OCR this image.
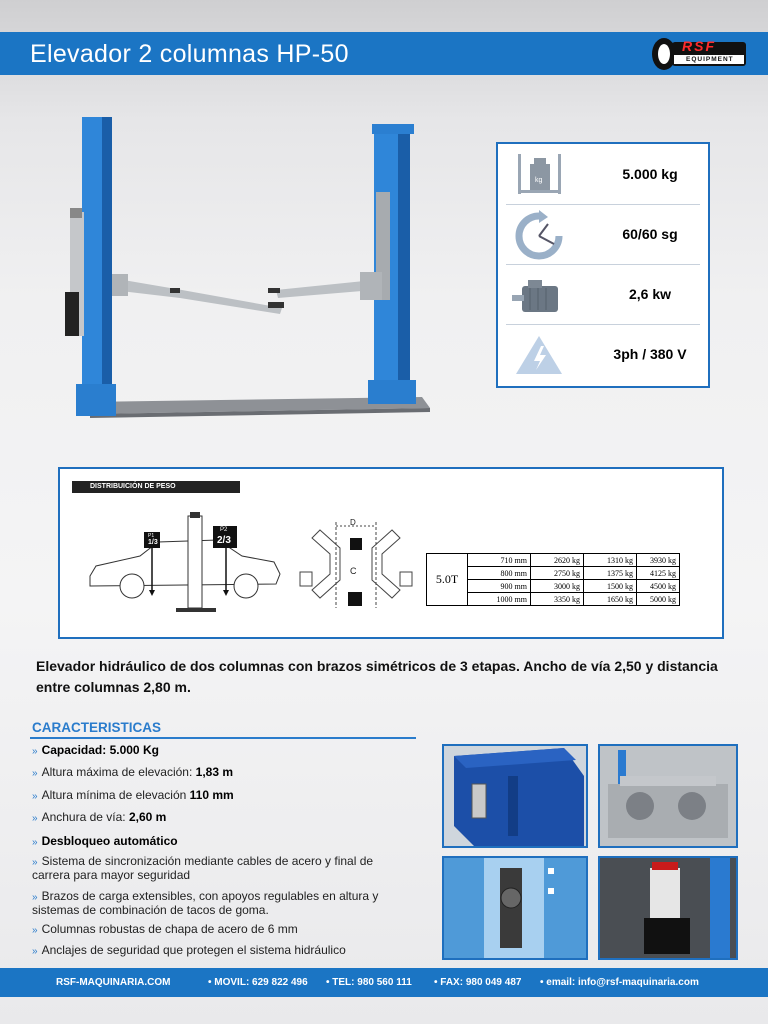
Elevador 2 columnas HP-50	RSF
EQUIPMENT
kg	5.000 kg
60/60 sg
2,6 kw
3ph / 380 V
DISTRIBUICIÓN DE PESO
P1
1/3
P2
2/3
D
C
5.0T	710 mm	2620 kg	1310 kg	3930 kg
	800 mm	2750 kg	1375 kg	4125 kg
	900 mm	3000 kg	1500 kg	4500 kg
	1000 mm	3350 kg	1650 kg	5000 kg
Elevador hidráulico de dos columnas con brazos simétricos de 3 etapas. Ancho de vía 2,50 y distancia entre columnas 2,80 m.
CARACTERISTICAS
» Capacidad: 5.000 Kg
» Altura máxima de elevación: 1,83 m
» Altura mínima de elevación 110 mm
» Anchura de vía: 2,60 m
» Desbloqueo automático
» Sistema de sincronización mediante cables de acero y final de carrera para mayor seguridad
» Brazos de carga extensibles, con apoyos regulables en altura y sistemas de combinación de tacos de goma.
» Columnas robustas de chapa de acero de 6 mm
» Anclajes de seguridad que protegen el sistema hidráulico
RSF-MAQUINARIA.COM	• MOVIL: 629 822 496 • TEL: 980 560 111 • FAX: 980 049 487 • email: info@rsf-maquinaria.com
